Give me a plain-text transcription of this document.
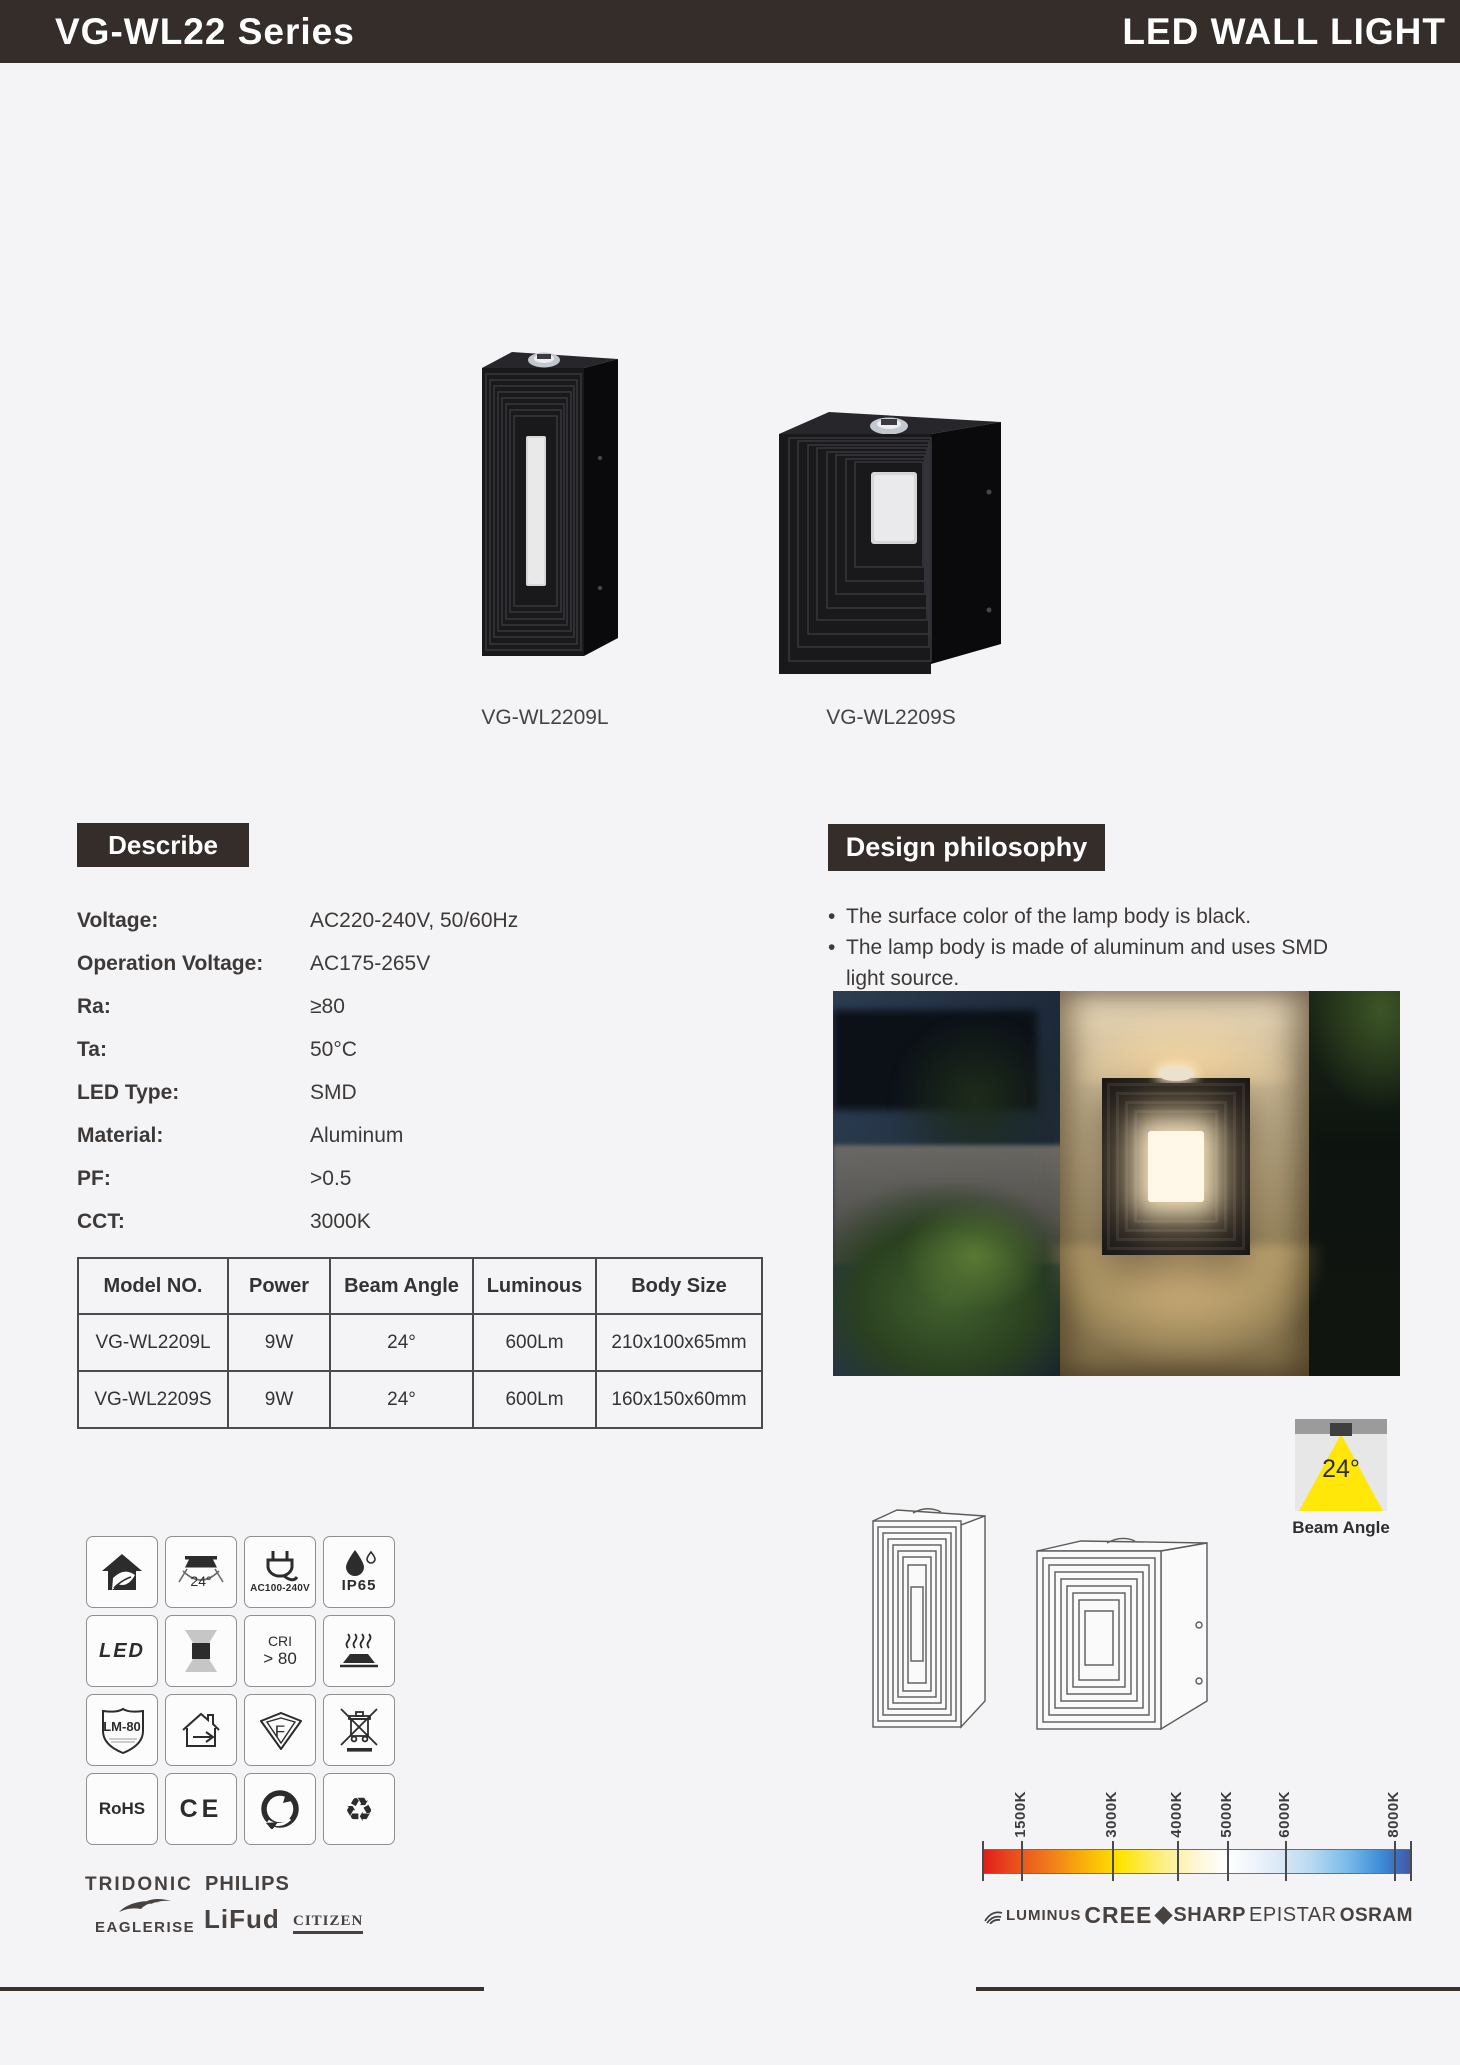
VG-WL22 Series	LED WALL LIGHT
VG-WL2209L	VG-WL2209S
Describe
Voltage:	AC220-240V, 50/60Hz
Operation Voltage:	AC175-265V
Ra:	≥80
Ta:	50°C
LED Type:	SMD
Material:	Aluminum
PF:	>0.5
CCT:	3000K
Design philosophy
• The surface color of the lamp body is black.
• The lamp body is made of aluminum and uses SMD light source.
Model NO.	Power	Beam Angle	Luminous	Body Size
VG-WL2209L	9W	24°	600Lm	210x100x65mm
VG-WL2209S	9W	24°	600Lm	160x150x60mm
24°
Beam Angle
24°	AC100-240V IP65
LED	CRI
> 80
LM-80	F
RoHS CE	♻
TRIDONIC PHILIPS
EAGLERISE LiFud CITIZEN
1500K	3000K	4000K 5000K	6000K	8000K
LUMINUS CREE SHARP EPISTAR OSRAM
